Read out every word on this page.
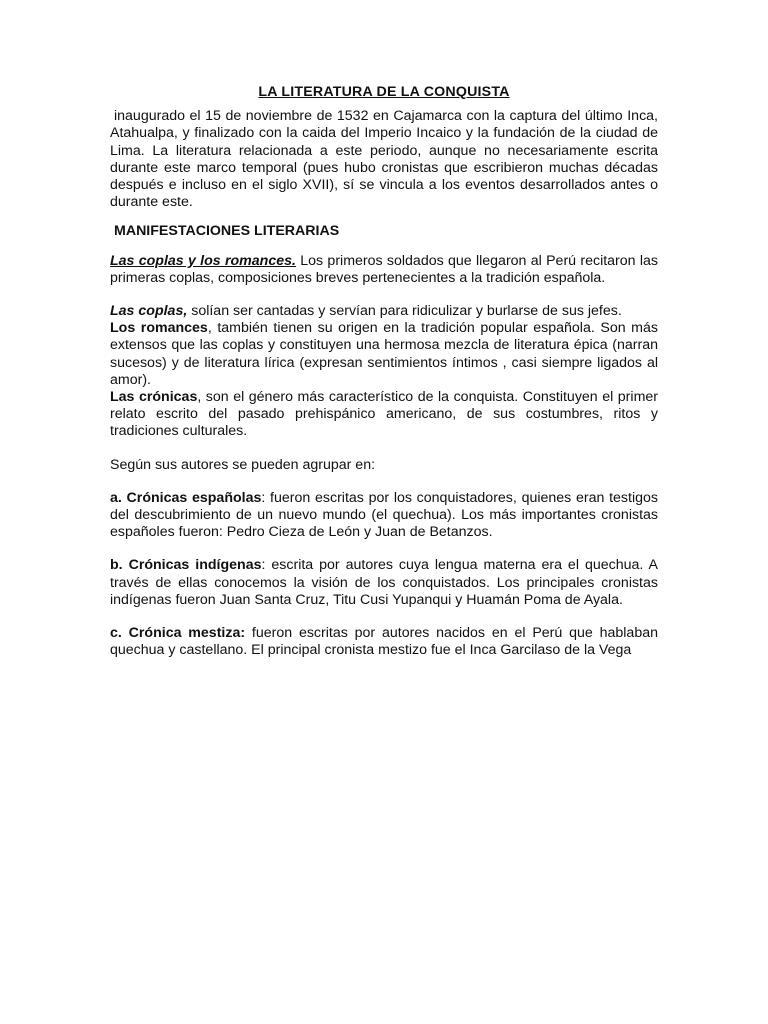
LA LITERATURA DE LA CONQUISTA

inaugurado el 15 de noviembre de 1532 en Cajamarca con la captura del último Inca, Atahualpa, y finalizado con la caida del Imperio Incaico y la fundación de la ciudad de Lima. La literatura relacionada a este periodo, aunque no necesariamente escrita durante este marco temporal (pues hubo cronistas que escribieron muchas décadas después e incluso en el siglo XVII), sí se vincula a los eventos desarrollados antes o durante este.

MANIFESTACIONES LITERARIAS

Las coplas y los romances. Los primeros soldados que llegaron al Perú recitaron las primeras coplas, composiciones breves pertenecientes a la tradición española.

Las coplas, solían ser cantadas y servían para ridiculizar y burlarse de sus jefes.

Los romances, también tienen su origen en la tradición popular española. Son más extensos que las coplas y constituyen una hermosa mezcla de literatura épica (narran sucesos) y de literatura lírica (expresan sentimientos íntimos , casi siempre ligados al amor).

Las crónicas, son el género más característico de la conquista. Constituyen el primer relato escrito del pasado prehispánico americano, de sus costumbres, ritos y tradiciones culturales.

Según sus autores se pueden agrupar en:

a. Crónicas españolas: fueron escritas por los conquistadores, quienes eran testigos del descubrimiento de un nuevo mundo (el quechua). Los más importantes cronistas españoles fueron: Pedro Cieza de León y Juan de Betanzos.

b. Crónicas indígenas: escrita por autores cuya lengua materna era el quechua. A través de ellas conocemos la visión de los conquistados. Los principales cronistas indígenas fueron Juan Santa Cruz, Titu Cusi Yupanqui y Huamán Poma de Ayala.

c. Crónica mestiza: fueron escritas por autores nacidos en el Perú que hablaban quechua y castellano. El principal cronista mestizo fue el Inca Garcilaso de la Vega
